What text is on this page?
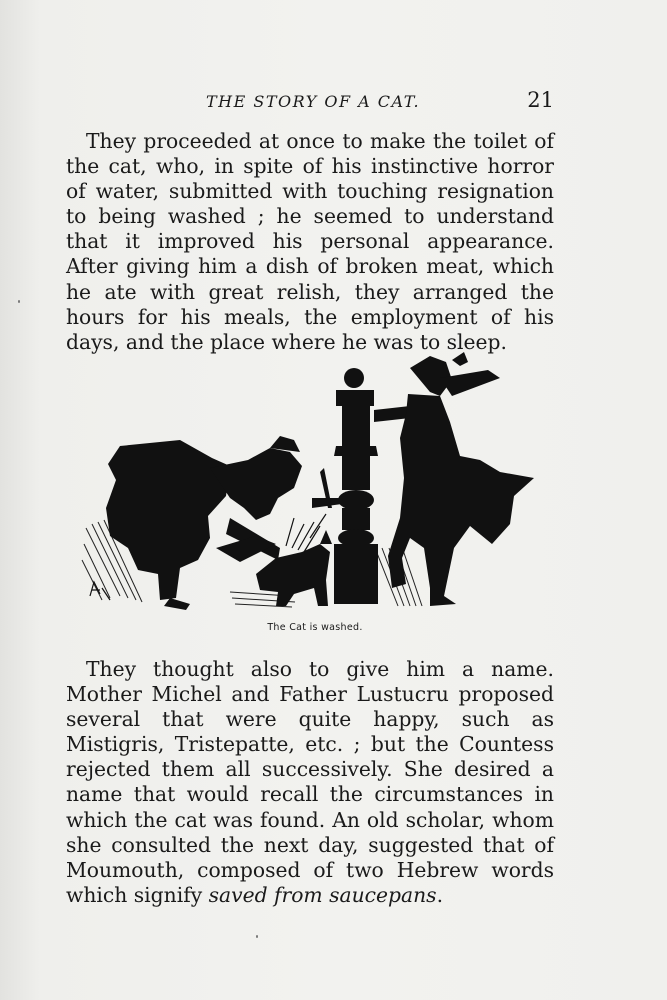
THE STORY OF A CAT.	21

They proceeded at once to make the toilet of the cat, who, in spite of his instinctive horror of water, submitted with touching resignation to being washed ; he seemed to understand that it improved his personal appearance. After giving him a dish of broken meat, which he ate with great relish, they arranged the hours for his meals, the employment of his days, and the place where he was to sleep.

The Cat is washed.

They thought also to give him a name. Mother Michel and Father Lustucru proposed several that were quite happy, such as Mistigris, Tristepatte, etc. ; but the Countess rejected them all successively. She desired a name that would recall the circumstances in which the cat was found. An old scholar, whom she consulted the next day, suggested that of Moumouth, composed of two Hebrew words which signify saved from saucepans.
